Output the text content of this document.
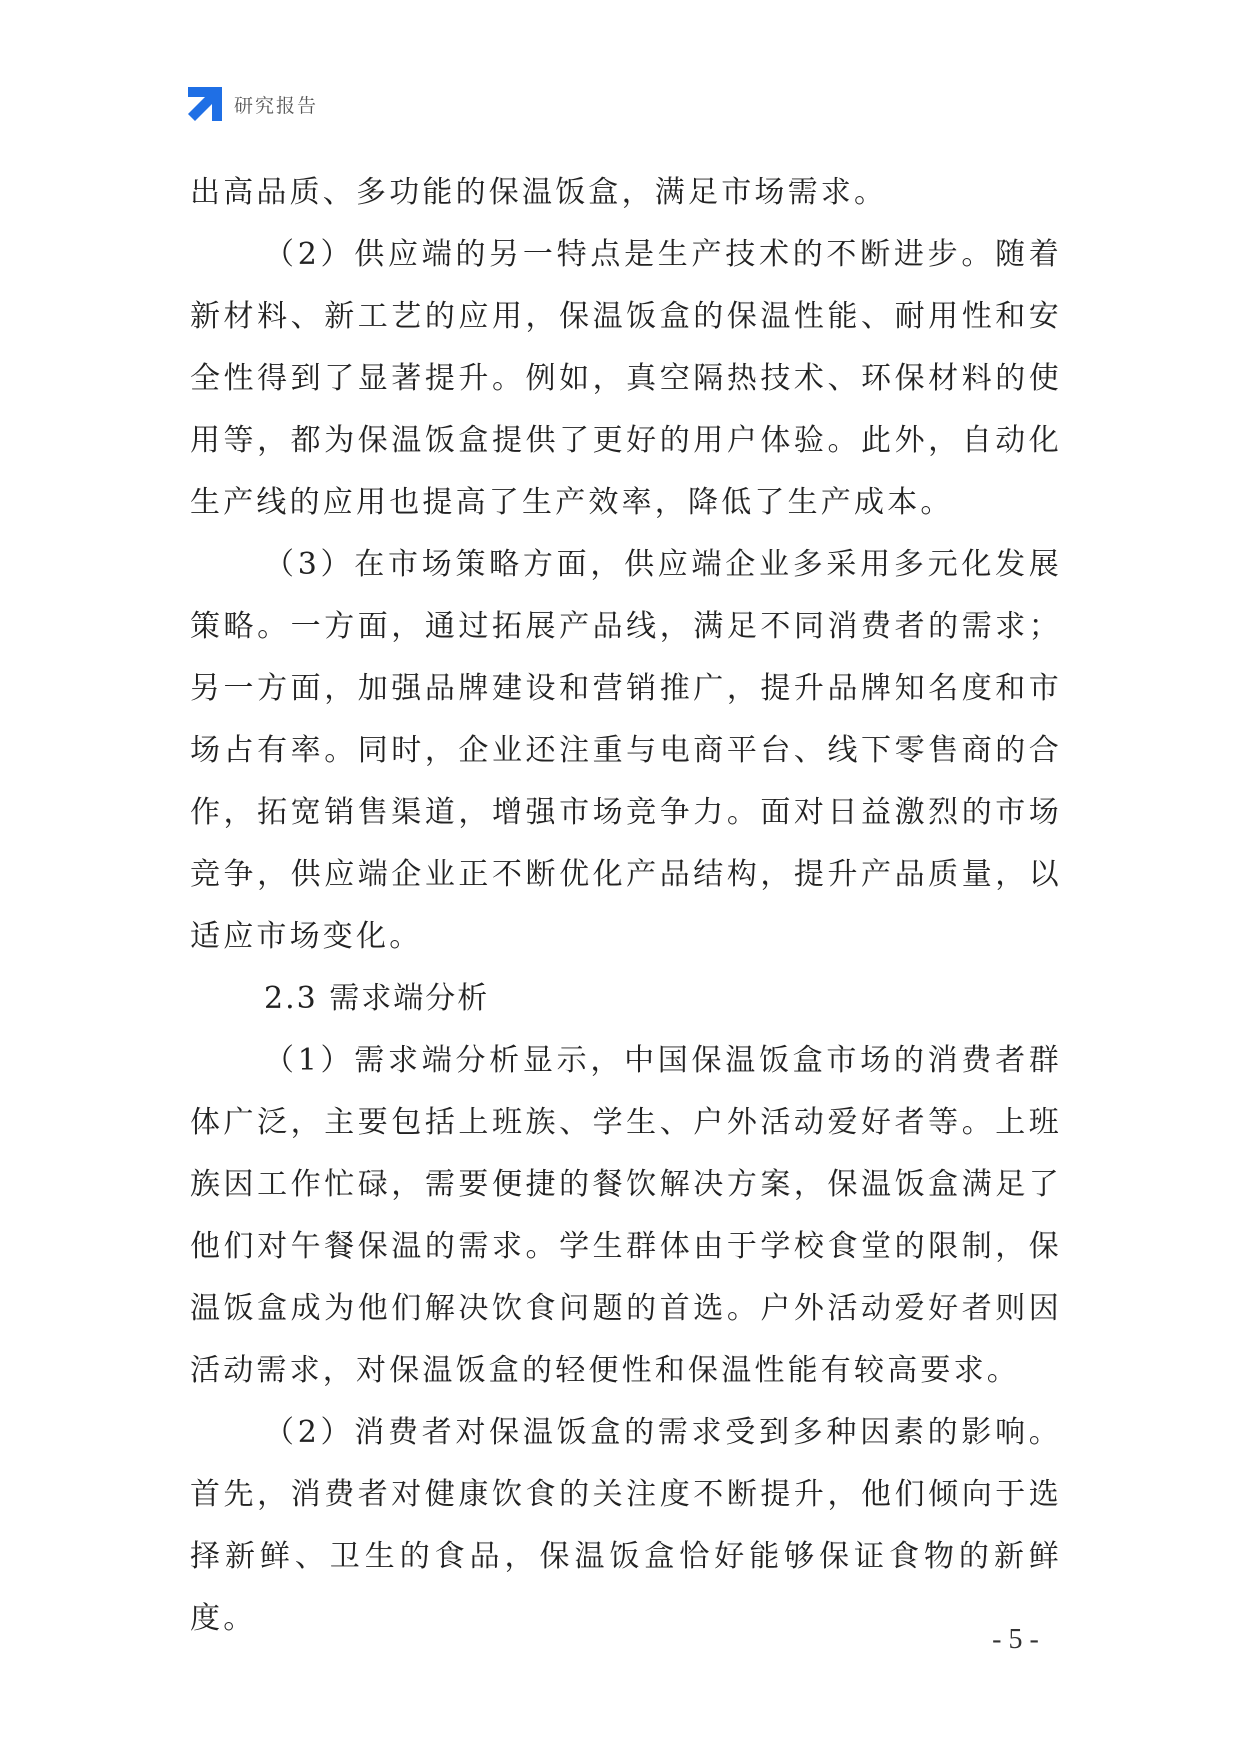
研究报告

出高品质、多功能的保温饭盒，满足市场需求。

（2）供应端的另一特点是生产技术的不断进步。随着新材料、新工艺的应用，保温饭盒的保温性能、耐用性和安全性得到了显著提升。例如，真空隔热技术、环保材料的使用等，都为保温饭盒提供了更好的用户体验。此外，自动化生产线的应用也提高了生产效率，降低了生产成本。

（3）在市场策略方面，供应端企业多采用多元化发展策略。一方面，通过拓展产品线，满足不同消费者的需求；另一方面，加强品牌建设和营销推广，提升品牌知名度和市场占有率。同时，企业还注重与电商平台、线下零售商的合作，拓宽销售渠道，增强市场竞争力。面对日益激烈的市场竞争，供应端企业正不断优化产品结构，提升产品质量，以适应市场变化。

2.3 需求端分析

（1）需求端分析显示，中国保温饭盒市场的消费者群体广泛，主要包括上班族、学生、户外活动爱好者等。上班族因工作忙碌，需要便捷的餐饮解决方案，保温饭盒满足了他们对午餐保温的需求。学生群体由于学校食堂的限制，保温饭盒成为他们解决饮食问题的首选。户外活动爱好者则因活动需求，对保温饭盒的轻便性和保温性能有较高要求。

（2）消费者对保温饭盒的需求受到多种因素的影响。首先，消费者对健康饮食的关注度不断提升，他们倾向于选择新鲜、卫生的食品，保温饭盒恰好能够保证食物的新鲜度。

- 5 -
